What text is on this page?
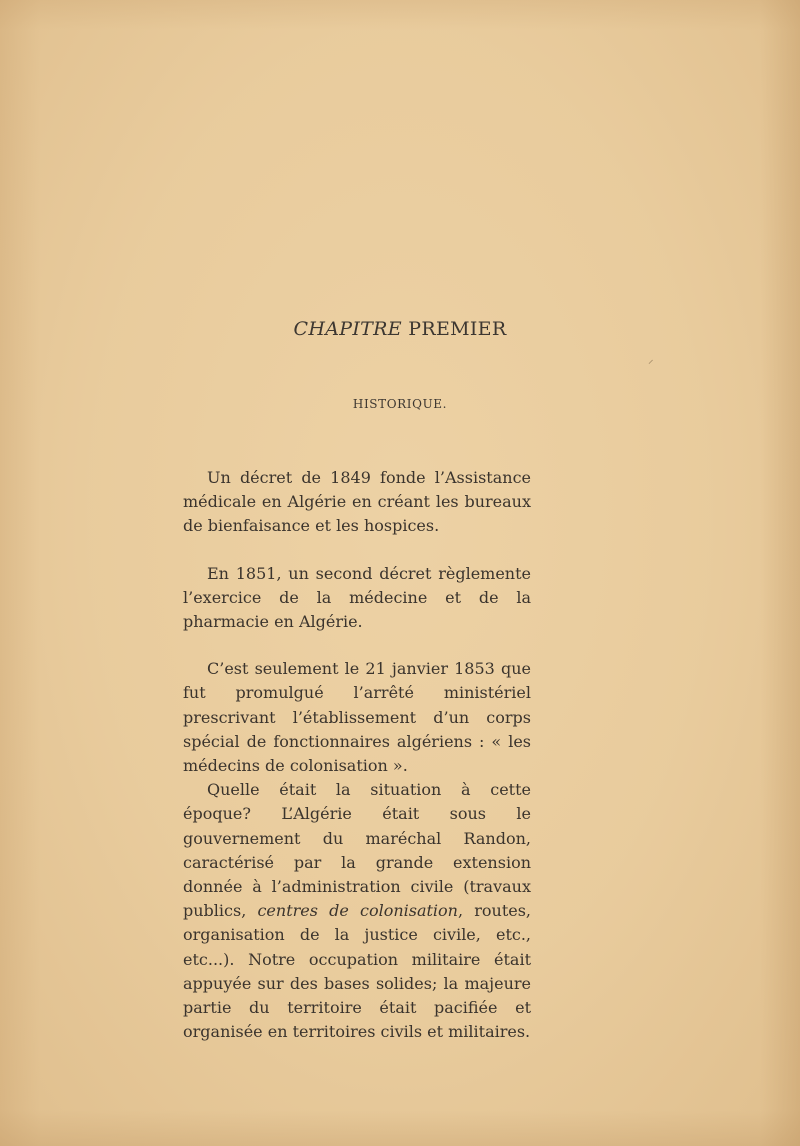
CHAPITRE PREMIER
HISTORIQUE.

Un décret de 1849 fonde l’Assistance médicale en Algérie en créant les bureaux de bienfaisance et les hospices.

En 1851, un second décret règlemente l’exercice de la médecine et de la pharmacie en Algérie.

C’est seulement le 21 janvier 1853 que fut promulgué l’arrêté ministériel prescrivant l’établissement d’un corps spécial de fonctionnaires algériens : « les médecins de colonisation ».

Quelle était la situation à cette époque? L’Algérie était sous le gouvernement du maréchal Randon, caractérisé par la grande extension donnée à l’administration civile (travaux publics, centres de colonisation, routes, organisation de la justice civile, etc., etc...). Notre occupation militaire était appuyée sur des bases solides; la majeure partie du territoire était pacifiée et organisée en territoires civils et militaires.

⸝
